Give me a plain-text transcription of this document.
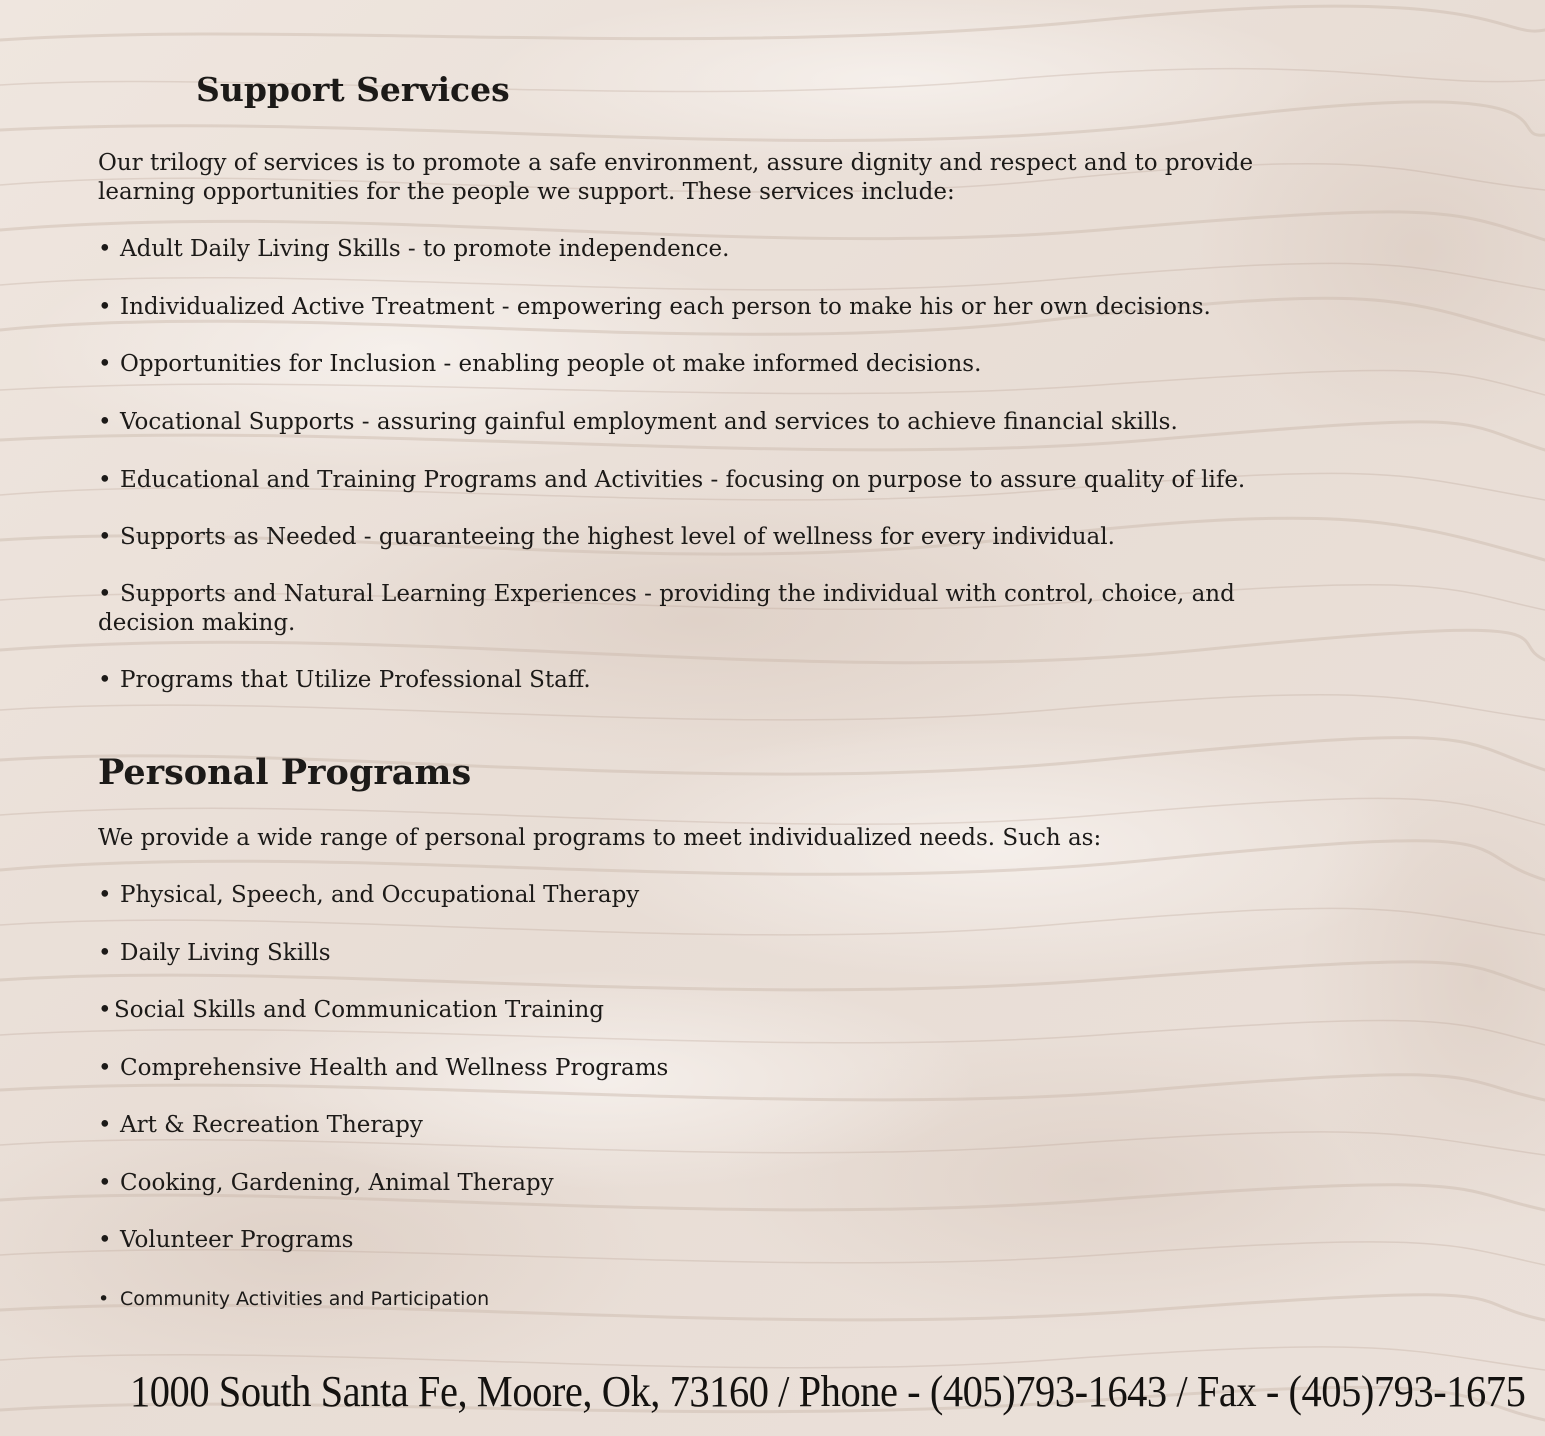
Support Services

Our trilogy of services is to promote a safe environment, assure dignity and respect and to provide learning opportunities for the people we support. These services include:

• Adult Daily Living Skills - to promote independence.
• Individualized Active Treatment - empowering each person to make his or her own decisions.
• Opportunities for Inclusion - enabling people ot make informed decisions.
• Vocational Supports - assuring gainful employment and services to achieve financial skills.
• Educational and Training Programs and Activities - focusing on purpose to assure quality of life.
• Supports as Needed - guaranteeing the highest level of wellness for every individual.
• Supports and Natural Learning Experiences - providing the individual with control, choice, and decision making.
• Programs that Utilize Professional Staff.
Personal Programs

We provide a wide range of personal programs to meet individualized needs. Such as:

• Physical, Speech, and Occupational Therapy
• Daily Living Skills
• Social Skills and Communication Training
• Comprehensive Health and Wellness Programs
• Art & Recreation Therapy
• Cooking, Gardening, Animal Therapy
• Volunteer Programs
• Community Activities and Participation
1000 South Santa Fe, Moore, Ok, 73160 / Phone - (405)793-1643 / Fax - (405)793-1675
